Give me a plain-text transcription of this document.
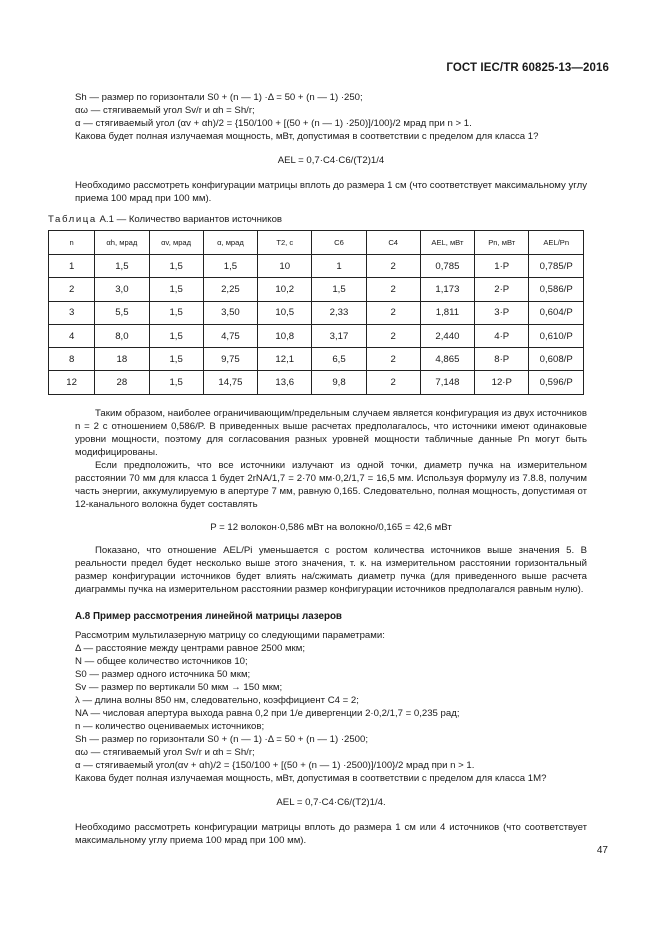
ГОСТ IEC/TR 60825-13—2016
Sh — размер по горизонтали S0 + (n — 1) ·Δ = 50 + (n — 1) ·250;
αω — стягиваемый угол Sv/r и αh = Sh/r;
α — стягиваемый угол (αv + αh)/2 = {150/100 + [(50 + (n — 1) ·250)]/100}/2 мрад при n > 1.
Какова будет полная излучаемая мощность, мВт, допустимая в соответствии с пределом для класса 1?
AEL = 0,7·C4·C6/(T2)1/4
Необходимо рассмотреть конфигурации матрицы вплоть до размера 1 см (что соответствует максимальному углу приема 100 мрад при 100 мм).
Таблица А.1 — Количество вариантов источников
n	αh, мрад	αv, мрад	α, мрад	T2, c	C6	C4	AEL, мВт	Pn, мВт	AEL/Pn
1	1,5	1,5	1,5	10	1	2	0,785	1·P	0,785/P
2	3,0	1,5	2,25	10,2	1,5	2	1,173	2·P	0,586/P
3	5,5	1,5	3,50	10,5	2,33	2	1,811	3·P	0,604/P
4	8,0	1,5	4,75	10,8	3,17	2	2,440	4·P	0,610/P
8	18	1,5	9,75	12,1	6,5	2	4,865	8·P	0,608/P
12	28	1,5	14,75	13,6	9,8	2	7,148	12·P	0,596/P
Таким образом, наиболее ограничивающим/предельным случаем является конфигурация из двух источников n = 2 с отношением 0,586/P. В приведенных выше расчетах предполагалось, что источники имеют одинаковые уровни мощности, поэтому для согласования разных уровней мощности табличные данные Pn могут быть модифицированы.
Если предположить, что все источники излучают из одной точки, диаметр пучка на измерительном расстоянии 70 мм для класса 1 будет 2rNA/1,7 = 2·70 мм·0,2/1,7 = 16,5 мм. Используя формулу из 7.8.8, получим часть энергии, аккумулируемую в апертуре 7 мм, равную 0,165. Следовательно, полная мощность, допустимая от 12-канального волокна будет составлять
P = 12 волокон·0,586 мВт на волокно/0,165 = 42,6 мВт
Показано, что отношение AEL/Pi уменьшается с ростом количества источников выше значения 5. В реальности предел будет несколько выше этого значения, т. к. на измерительном расстоянии горизонтальный размер конфигурации источников будет влиять на/сжимать диаметр пучка (для приведенного выше расчета диаграммы пучка на измерительном расстоянии размер конфигурации источников предполагался равным нулю).
А.8 Пример рассмотрения линейной матрицы лазеров
Рассмотрим мультилазерную матрицу со следующими параметрами:
Δ — расстояние между центрами равное 2500 мкм;
N — общее количество источников 10;
S0 — размер одного источника 50 мкм;
Sv — размер по вертикали 50 мкм → 150 мкм;
λ — длина волны 850 нм, следовательно, коэффициент C4 = 2;
NA — числовая апертура выхода равна 0,2 при 1/e дивергенции 2·0,2/1,7 = 0,235 рад;
n — количество оцениваемых источников;
Sh — размер по горизонтали S0 + (n — 1) ·Δ = 50 + (n — 1) ·2500;
αω — стягиваемый угол Sv/r и αh = Sh/r;
α — стягиваемый угол(αv + αh)/2 = {150/100 + [(50 + (n — 1) ·2500)]/100}/2 мрад при n > 1.
Какова будет полная излучаемая мощность, мВт, допустимая в соответствии с пределом для класса 1М?
AEL = 0,7·C4·C6/(T2)1/4.
Необходимо рассмотреть конфигурации матрицы вплоть до размера 1 см или 4 источников (что соответствует максимальному углу приема 100 мрад при 100 мм).
47
